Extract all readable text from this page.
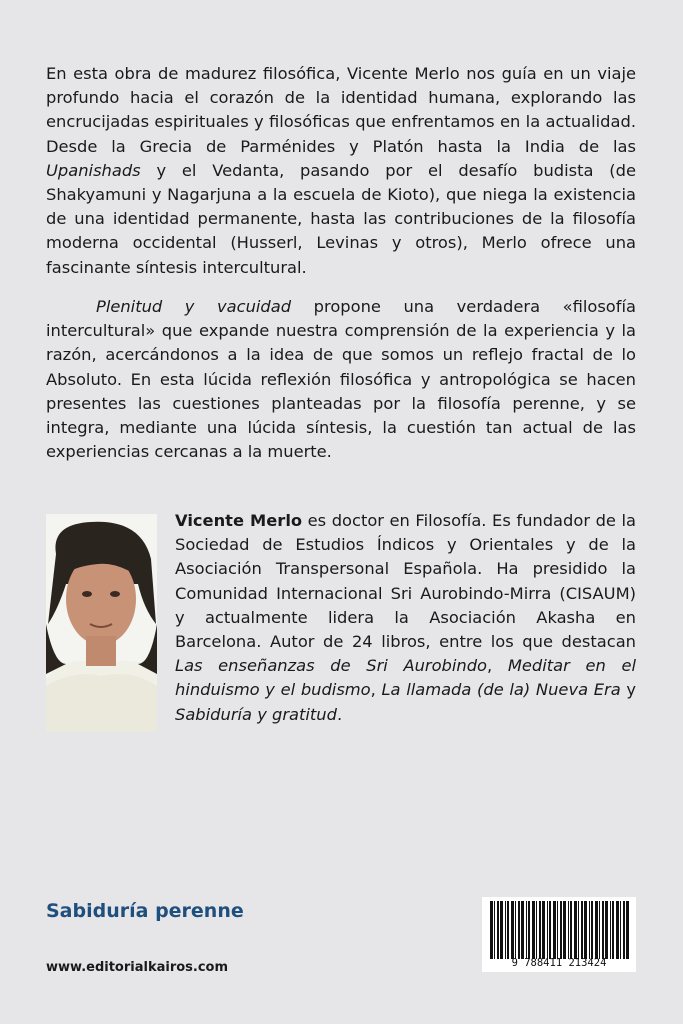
En esta obra de madurez filosófica, Vicente Merlo nos guía en un viaje profundo hacia el corazón de la identidad humana, explorando las encrucijadas espirituales y filosóficas que enfrentamos en la actualidad. Desde la Grecia de Parménides y Platón hasta la India de las Upanishads y el Vedanta, pasando por el desafío budista (de Shakyamuni y Nagarjuna a la escuela de Kioto), que niega la existencia de una identidad permanente, hasta las contribuciones de la filosofía moderna occidental (Husserl, Levinas y otros), Merlo ofrece una fascinante síntesis intercultural.

Plenitud y vacuidad propone una verdadera «filosofía intercultural» que expande nuestra comprensión de la experiencia y la razón, acercándonos a la idea de que somos un reflejo fractal de lo Absoluto. En esta lúcida reflexión filosófica y antropológica se hacen presentes las cuestiones planteadas por la filosofía perenne, y se integra, mediante una lúcida síntesis, la cuestión tan actual de las experiencias cercanas a la muerte.

Vicente Merlo es doctor en Filosofía. Es fundador de la Sociedad de Estudios Índicos y Orientales y de la Asociación Transpersonal Española. Ha presidido la Comunidad Internacional Sri Aurobindo-Mirra (CISAUM) y actualmente lidera la Asociación Akasha en Barcelona. Autor de 24 libros, entre los que destacan Las enseñanzas de Sri Aurobindo, Meditar en el hinduismo y el budismo, La llamada (de la) Nueva Era y Sabiduría y gratitud.

Sabiduría perenne
www.editorialkairos.com	9 788411 213424
